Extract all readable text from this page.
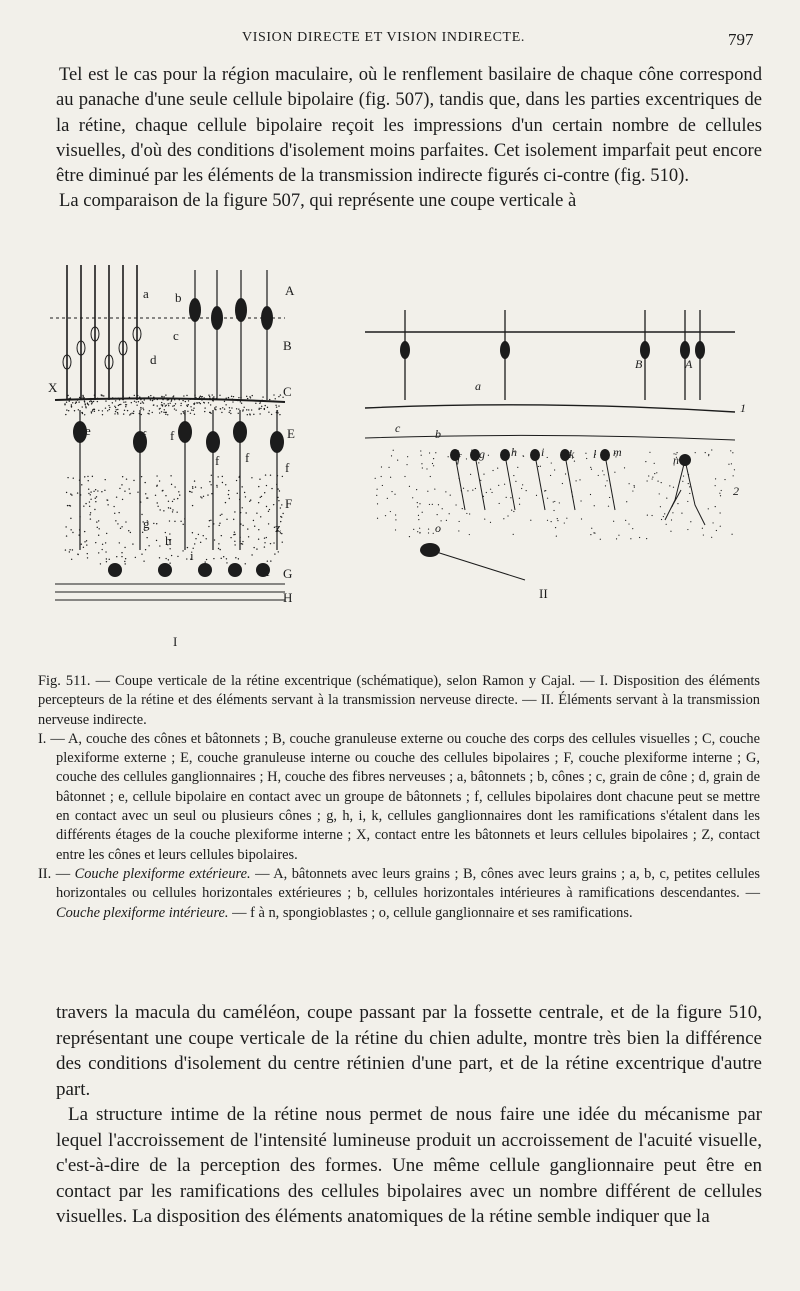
VISION DIRECTE ET VISION INDIRECTE.	797

Tel est le cas pour la région maculaire, où le renflement basilaire de chaque cône correspond au panache d'une seule cellule bipolaire (fig. 507), tandis que, dans les parties excentriques de la rétine, chaque cellule bipolaire reçoit les impressions d'un certain nombre de cellules visuelles, d'où des conditions d'isolement moins parfaites. Cet isolement imparfait peut encore être diminué par les éléments de la transmission indirecte figurés ci-contre (fig. 510).

La comparaison de la figure 507, qui représente une coupe verticale à

a b	A
c
B
d
X	C
e	f f	E
f f
f
F
g
h
i
j K G
H
z
B	A
1
a
b
c
f g h i k l m
n
2
o
I
II

Fig. 511. — Coupe verticale de la rétine excentrique (schématique), selon Ramon y Cajal. — I. Disposition des éléments percepteurs de la rétine et des éléments servant à la transmission nerveuse directe. — II. Éléments servant à la transmission nerveuse indirecte.

I. — A, couche des cônes et bâtonnets ; B, couche granuleuse externe ou couche des corps des cellules visuelles ; C, couche plexiforme externe ; E, couche granuleuse interne ou couche des cellules bipolaires ; F, couche plexiforme interne ; G, couche des cellules ganglionnaires ; H, couche des fibres nerveuses ; a, bâtonnets ; b, cônes ; c, grain de cône ; d, grain de bâtonnet ; e, cellule bipolaire en contact avec un groupe de bâtonnets ; f, cellules bipolaires dont chacune peut se mettre en contact avec un seul ou plusieurs cônes ; g, h, i, k, cellules ganglionnaires dont les ramifications s'étalent dans les différents étages de la couche plexiforme interne ; X, contact entre les bâtonnets et leurs cellules bipolaires ; Z, contact entre les cônes et leurs cellules bipolaires.

II. — Couche plexiforme extérieure. — A, bâtonnets avec leurs grains ; B, cônes avec leurs grains ; a, b, c, petites cellules horizontales ou cellules horizontales extérieures ; b, cellules horizontales intérieures à ramifications descendantes. — Couche plexiforme intérieure. — f à n, spongioblastes ; o, cellule ganglionnaire et ses ramifications.

travers la macula du caméléon, coupe passant par la fossette centrale, et de la figure 510, représentant une coupe verticale de la rétine du chien adulte, montre très bien la différence des conditions d'isolement du centre rétinien d'une part, et de la rétine excentrique d'autre part.

La structure intime de la rétine nous permet de nous faire une idée du mécanisme par lequel l'accroissement de l'intensité lumineuse produit un accroissement de l'acuité visuelle, c'est-à-dire de la perception des formes. Une même cellule ganglionnaire peut être en contact par les ramifications des cellules bipolaires avec un nombre différent de cellules visuelles. La disposition des éléments anatomiques de la rétine semble indiquer que la
